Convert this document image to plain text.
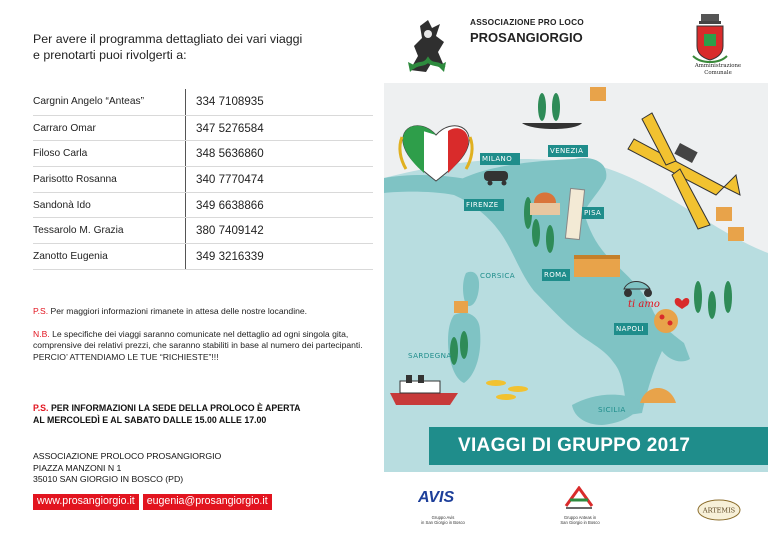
Per avere il programma dettagliato dei vari viaggi
e prenotarti puoi rivolgerti a:
Cargnin Angelo “Anteas”	334 7108935
Carraro Omar	347 5276584
Filoso Carla	348 5636860
Parisotto Rosanna	340 7770474
Sandonà Ido	349 6638866
Tessarolo M. Grazia	380 7409142
Zanotto Eugenia	349 3216339
P.S. Per maggiori informazioni rimanete in attesa delle nostre locandine.
N.B. Le specifiche dei viaggi saranno comunicate nel dettaglio ad ogni singola gita, comprensive dei relativi prezzi, che saranno stabiliti in base al numero dei partecipanti.
PERCIO’ ATTENDIAMO LE TUE “RICHIESTE”!!!
P.S. PER INFORMAZIONI LA SEDE DELLA PROLOCO È APERTA
AL MERCOLEDÌ E AL SABATO DALLE 15.00 ALLE 17.00
ASSOCIAZIONE PROLOCO PROSANGIORGIO
PIAZZA MANZONI N 1
35010 SAN GIORGIO IN BOSCO (PD)
www.prosangiorgio.it	eugenia@prosangiorgio.it
ASSOCIAZIONE PRO LOCO
PROSANGIORGIO
Amministrazione
Comunale
MILANO
VENEZIA
FIRENZE
PISA
ROMA
NAPOLI
CORSICA
SARDEGNA
SICILIA
ti amo
VIAGGI DI GRUPPO 2017
AVIS
Gruppo Avis
in San Giorgio in Bosco
Gruppo Anteas in
San Giorgio in Bosco
ARTEMIS
